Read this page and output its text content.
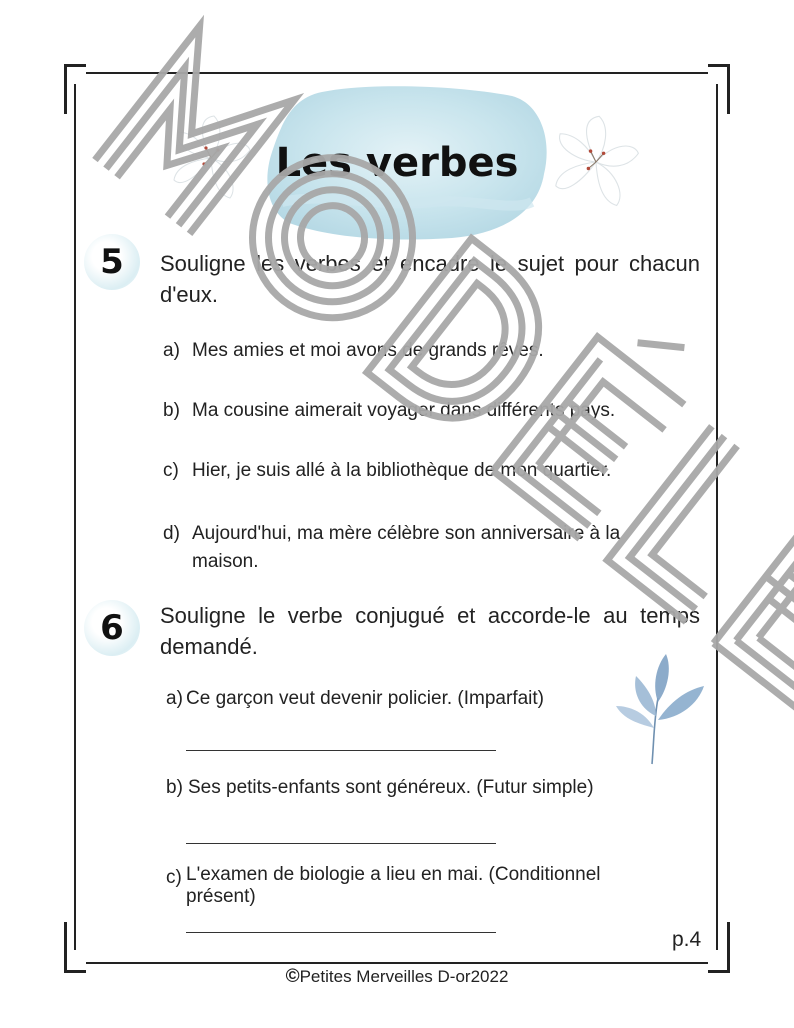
Les verbes
5	Souligne les verbes et encadre le sujet pour chacun d'eux.
a) Mes amies et moi avons de grands rêves.
b) Ma cousine aimerait voyager dans différents pays.
c) Hier, je suis allé à la bibliothèque de mon quartier.
d) Aujourd'hui, ma mère célèbre son anniversaire à la maison.
6	Souligne le verbe conjugué et accorde-le au temps demandé.
a) Ce garçon veut devenir policier. (Imparfait)
b) Ses petits-enfants sont généreux. (Futur simple)
c) L'examen de biologie a lieu en mai. (Conditionnel présent)
p.4
©Petites Merveilles D-or2022
